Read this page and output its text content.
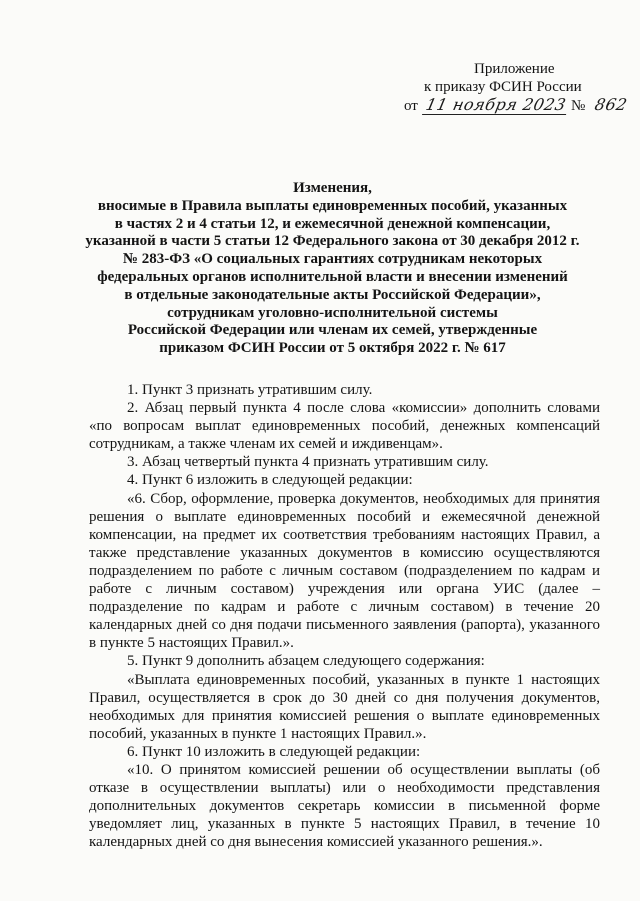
Приложение
к приказу ФСИН России
от 11 ноября 2023 № 862
Изменения,
вносимые в Правила выплаты единовременных пособий, указанных
в частях 2 и 4 статьи 12, и ежемесячной денежной компенсации,
указанной в части 5 статьи 12 Федерального закона от 30 декабря 2012 г.
№ 283-ФЗ «О социальных гарантиях сотрудникам некоторых
федеральных органов исполнительной власти и внесении изменений
в отдельные законодательные акты Российской Федерации»,
сотрудникам уголовно-исполнительной системы
Российской Федерации или членам их семей, утвержденные
приказом ФСИН России от 5 октября 2022 г. № 617

1. Пункт 3 признать утратившим силу.

2. Абзац первый пункта 4 после слова «комиссии» дополнить словами «по вопросам выплат единовременных пособий, денежных компенсаций сотрудникам, а также членам их семей и иждивенцам».

3. Абзац четвертый пункта 4 признать утратившим силу.

4. Пункт 6 изложить в следующей редакции:

«6. Сбор, оформление, проверка документов, необходимых для принятия решения о выплате единовременных пособий и ежемесячной денежной компенсации, на предмет их соответствия требованиям настоящих Правил, а также представление указанных документов в комиссию осуществляются подразделением по работе с личным составом (подразделением по кадрам и работе с личным составом) учреждения или органа УИС (далее – подразделение по кадрам и работе с личным составом) в течение 20 календарных дней со дня подачи письменного заявления (рапорта), указанного в пункте 5 настоящих Правил.».

5. Пункт 9 дополнить абзацем следующего содержания:

«Выплата единовременных пособий, указанных в пункте 1 настоящих Правил, осуществляется в срок до 30 дней со дня получения документов, необходимых для принятия комиссией решения о выплате единовременных пособий, указанных в пункте 1 настоящих Правил.».

6. Пункт 10 изложить в следующей редакции:

«10. О принятом комиссией решении об осуществлении выплаты (об отказе в осуществлении выплаты) или о необходимости представления дополнительных документов секретарь комиссии в письменной форме уведомляет лиц, указанных в пункте 5 настоящих Правил, в течение 10 календарных дней со дня вынесения комиссией указанного решения.».
